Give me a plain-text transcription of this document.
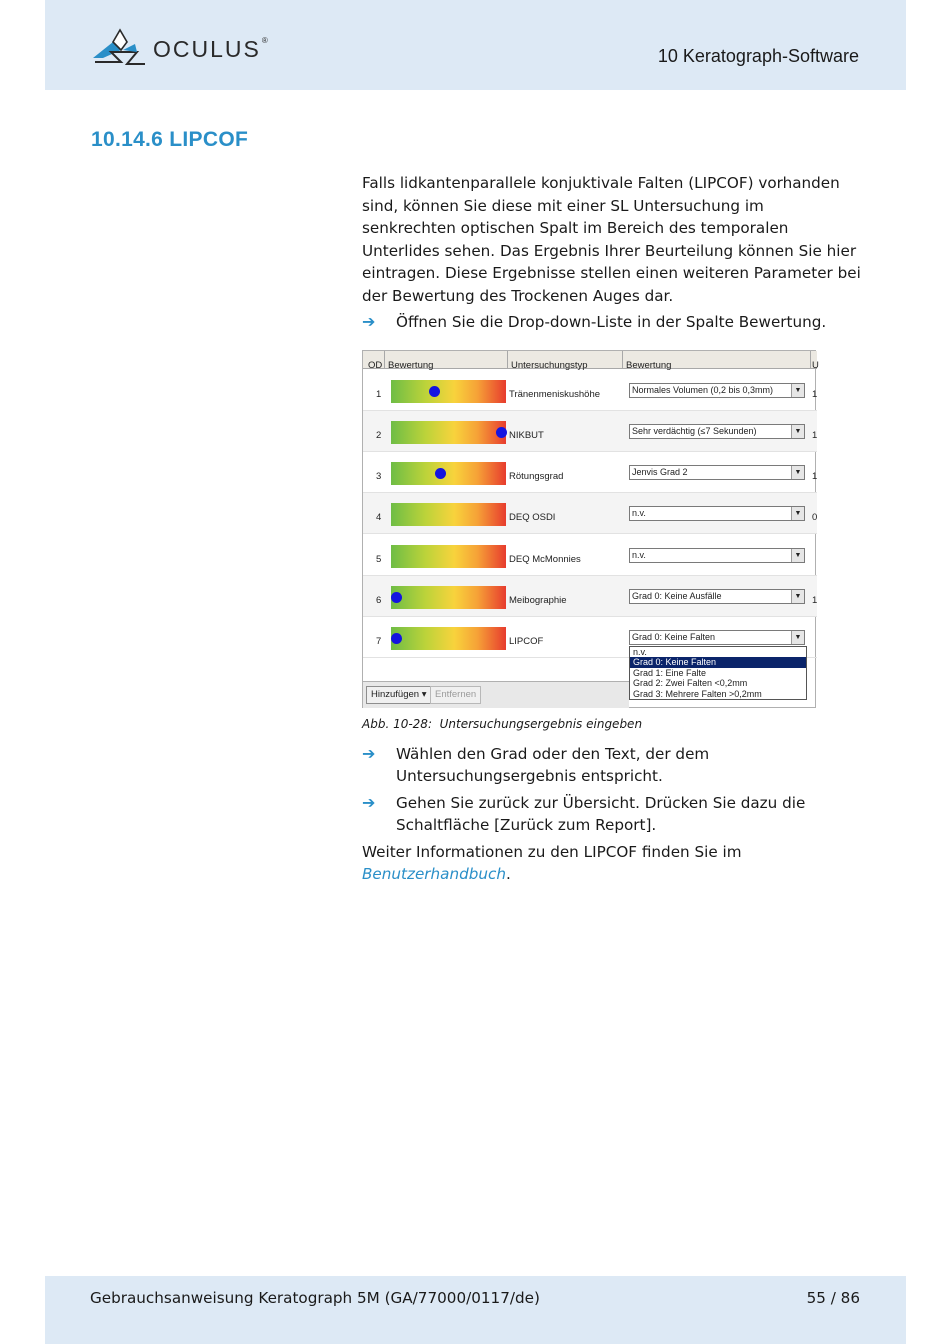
OCULUS®
10 Keratograph-Software
10.14.6 LIPCOF

Falls lidkantenparallele konjuktivale Falten (LIPCOF) vorhanden sind, können Sie diese mit einer SL Untersuchung im senkrechten optischen Spalt im Bereich des temporalen Unterlides sehen. Das Ergebnis Ihrer Beurteilung können Sie hier eintragen. Diese Ergebnisse stellen einen weiteren Parameter bei der Bewertung des Trockenen Auges dar.

➔ Öffnen Sie die Drop-down-Liste in der Spalte Bewertung.
OD Bewertung	Untersuchungstyp	Bewertung	U
1	Tränenmeniskushöhe	Normales Volumen (0,2 bis 0,3mm)	▼ 1
2	NIKBUT	Sehr verdächtig (≤7 Sekunden)	▼ 1
3	Rötungsgrad	Jenvis Grad 2	▼ 1
4	DEQ OSDI	n.v.	▼ 0
5	DEQ McMonnies	n.v.	▼
6	Meibographie	Grad 0: Keine Ausfälle	▼ 1
7	LIPCOF	Grad 0: Keine Falten	▼
n.v.
Grad 0: Keine Falten
Grad 1: Eine Falte
Grad 2: Zwei Falten <0,2mm
Grad 3: Mehrere Falten >0,2mm
Hinzufügen ▾ Entfernen
Abb. 10-28: Untersuchungsergebnis eingeben
➔ Wählen den Grad oder den Text, der dem Untersuchungsergebnis entspricht.
➔ Gehen Sie zurück zur Übersicht. Drücken Sie dazu die Schaltfläche [Zurück zum Report].

Weiter Informationen zu den LIPCOF finden Sie im Benutzerhandbuch.

Gebrauchsanweisung Keratograph 5M (GA/77000/0117/de)	55 / 86
